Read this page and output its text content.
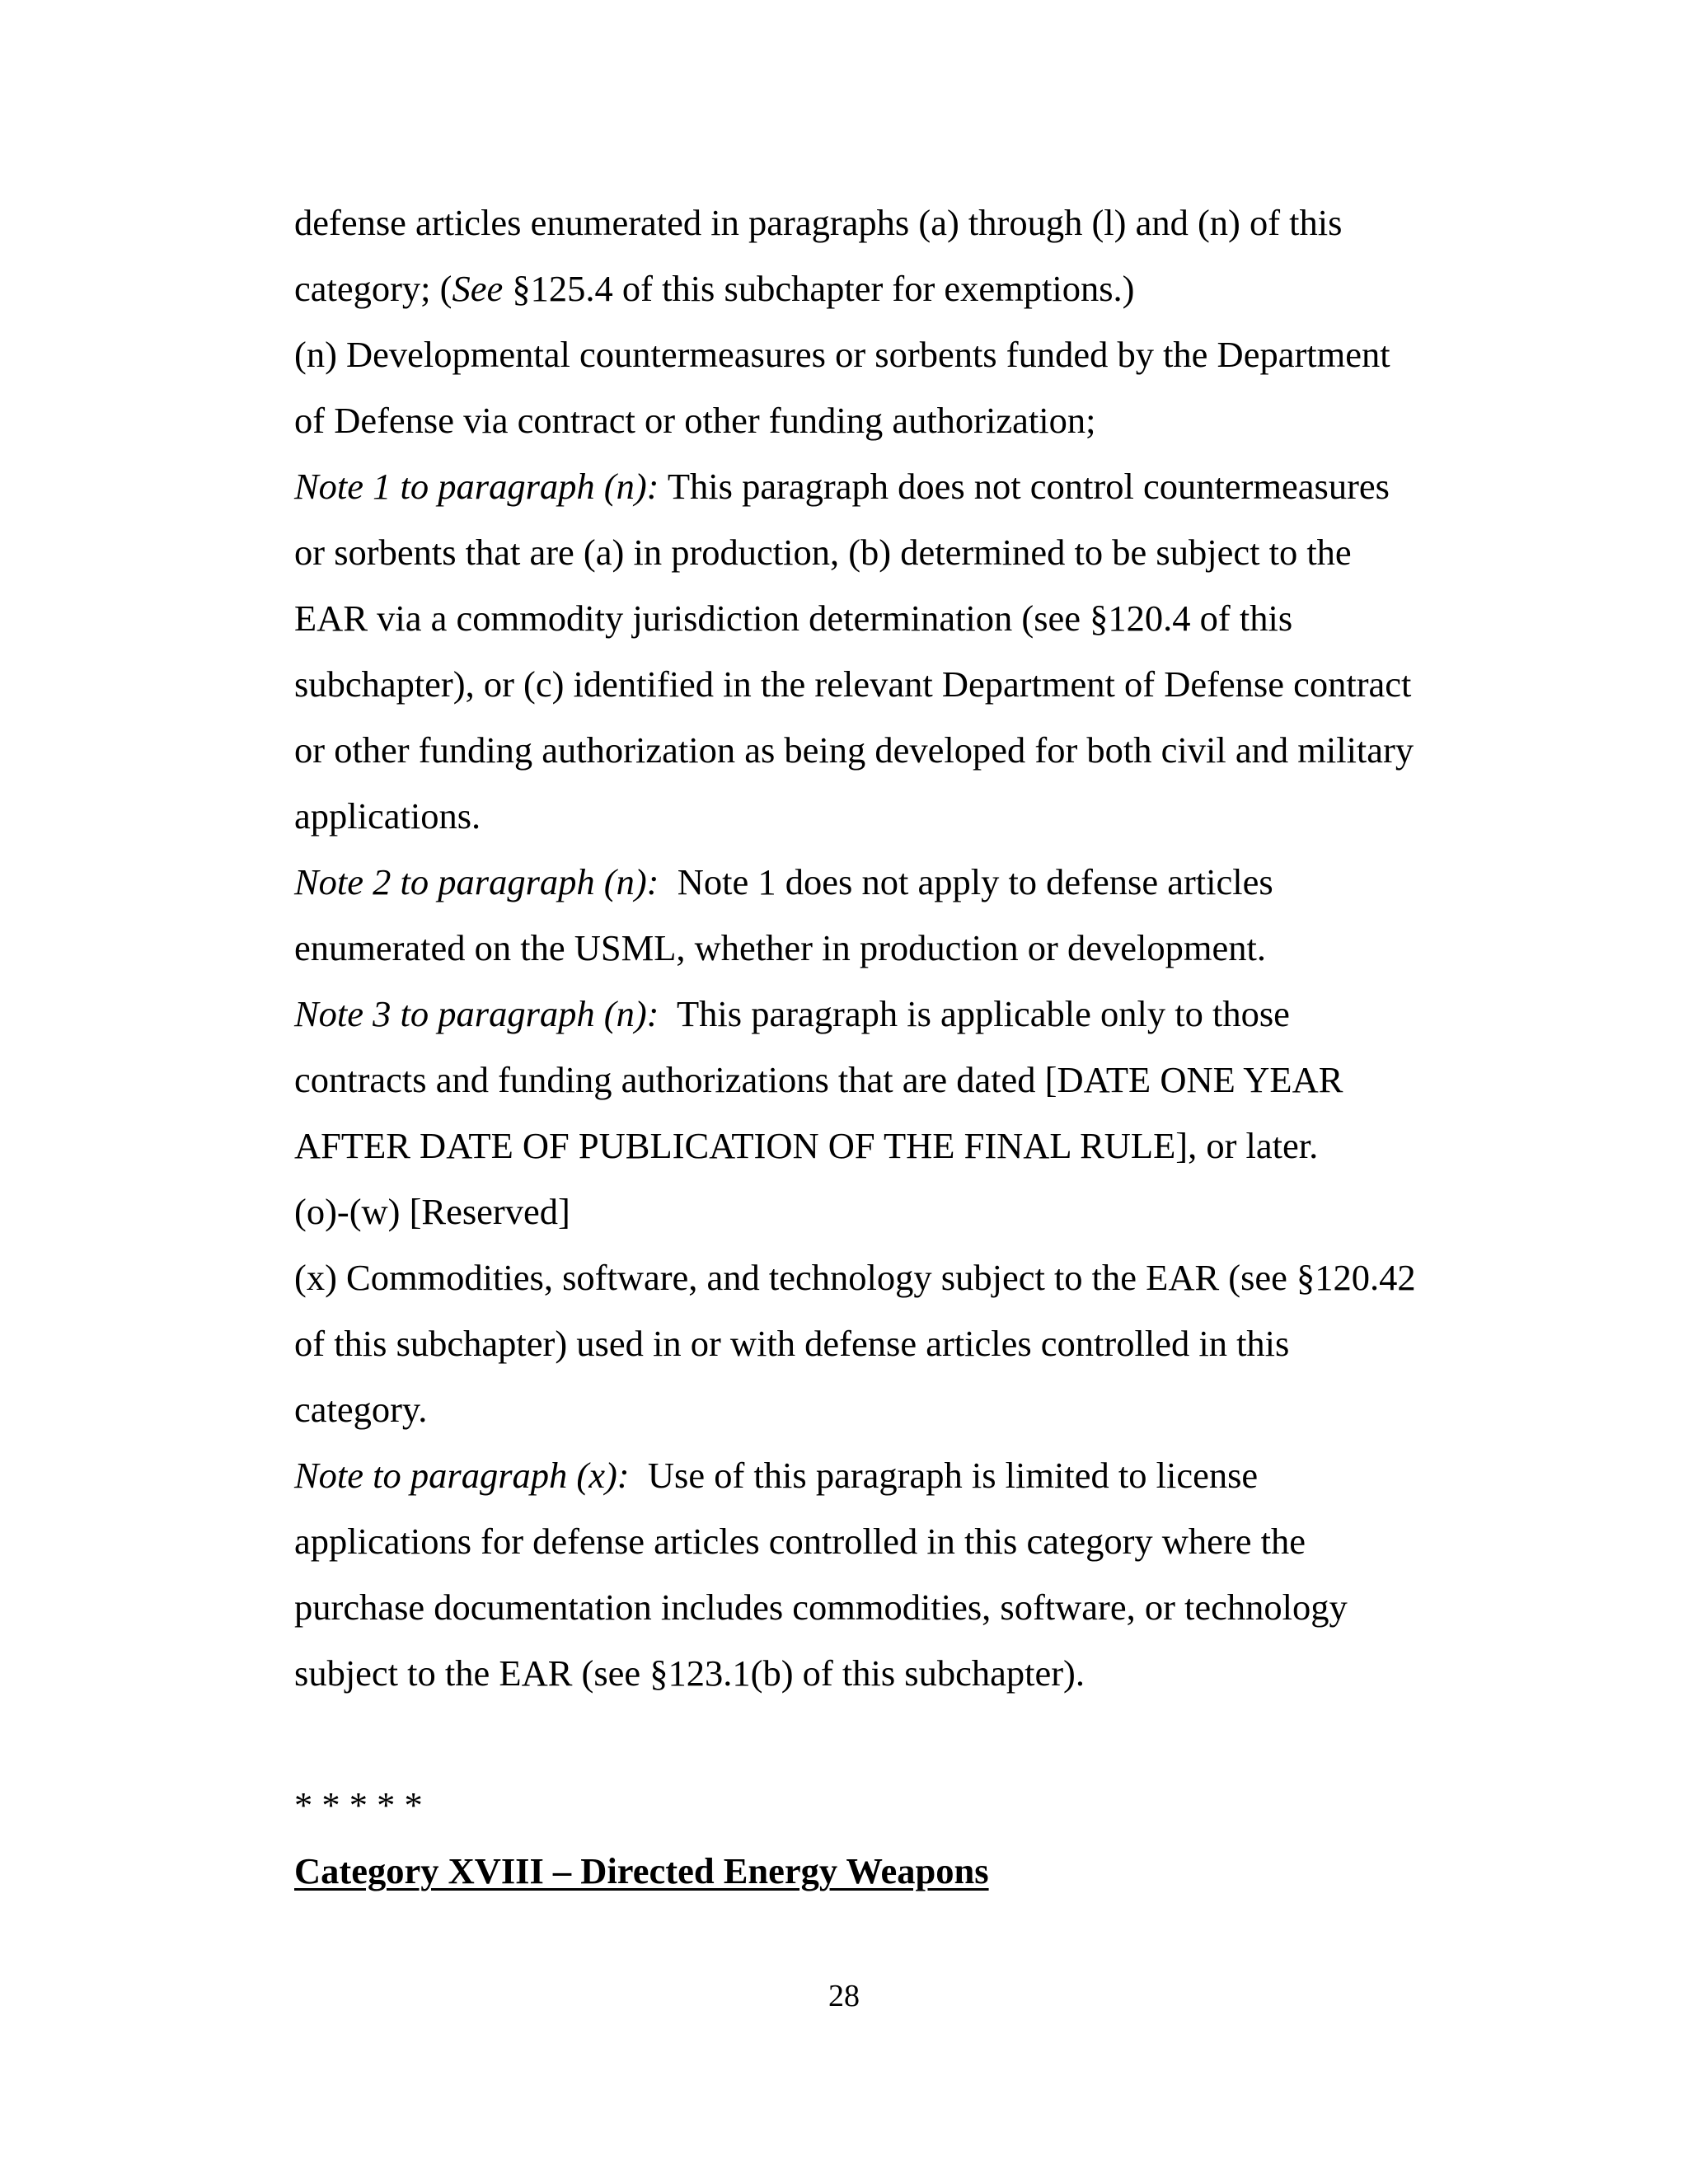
defense articles enumerated in paragraphs (a) through (l) and (n) of this

category; (See §125.4 of this subchapter for exemptions.)

(n) Developmental countermeasures or sorbents funded by the Department

of Defense via contract or other funding authorization;

Note 1 to paragraph (n): This paragraph does not control countermeasures

or sorbents that are (a) in production, (b) determined to be subject to the

EAR via a commodity jurisdiction determination (see §120.4 of this

subchapter), or (c) identified in the relevant Department of Defense contract

or other funding authorization as being developed for both civil and military

applications.

Note 2 to paragraph (n):  Note 1 does not apply to defense articles

enumerated on the USML, whether in production or development.

Note 3 to paragraph (n):  This paragraph is applicable only to those

contracts and funding authorizations that are dated [DATE ONE YEAR

AFTER DATE OF PUBLICATION OF THE FINAL RULE], or later.

(o)-(w) [Reserved]

(x) Commodities, software, and technology subject to the EAR (see §120.42

of this subchapter) used in or with defense articles controlled in this

category.

Note to paragraph (x):  Use of this paragraph is limited to license

applications for defense articles controlled in this category where the

purchase documentation includes commodities, software, or technology

subject to the EAR (see §123.1(b) of this subchapter).

* * * * *

Category XVIII – Directed Energy Weapons

28
